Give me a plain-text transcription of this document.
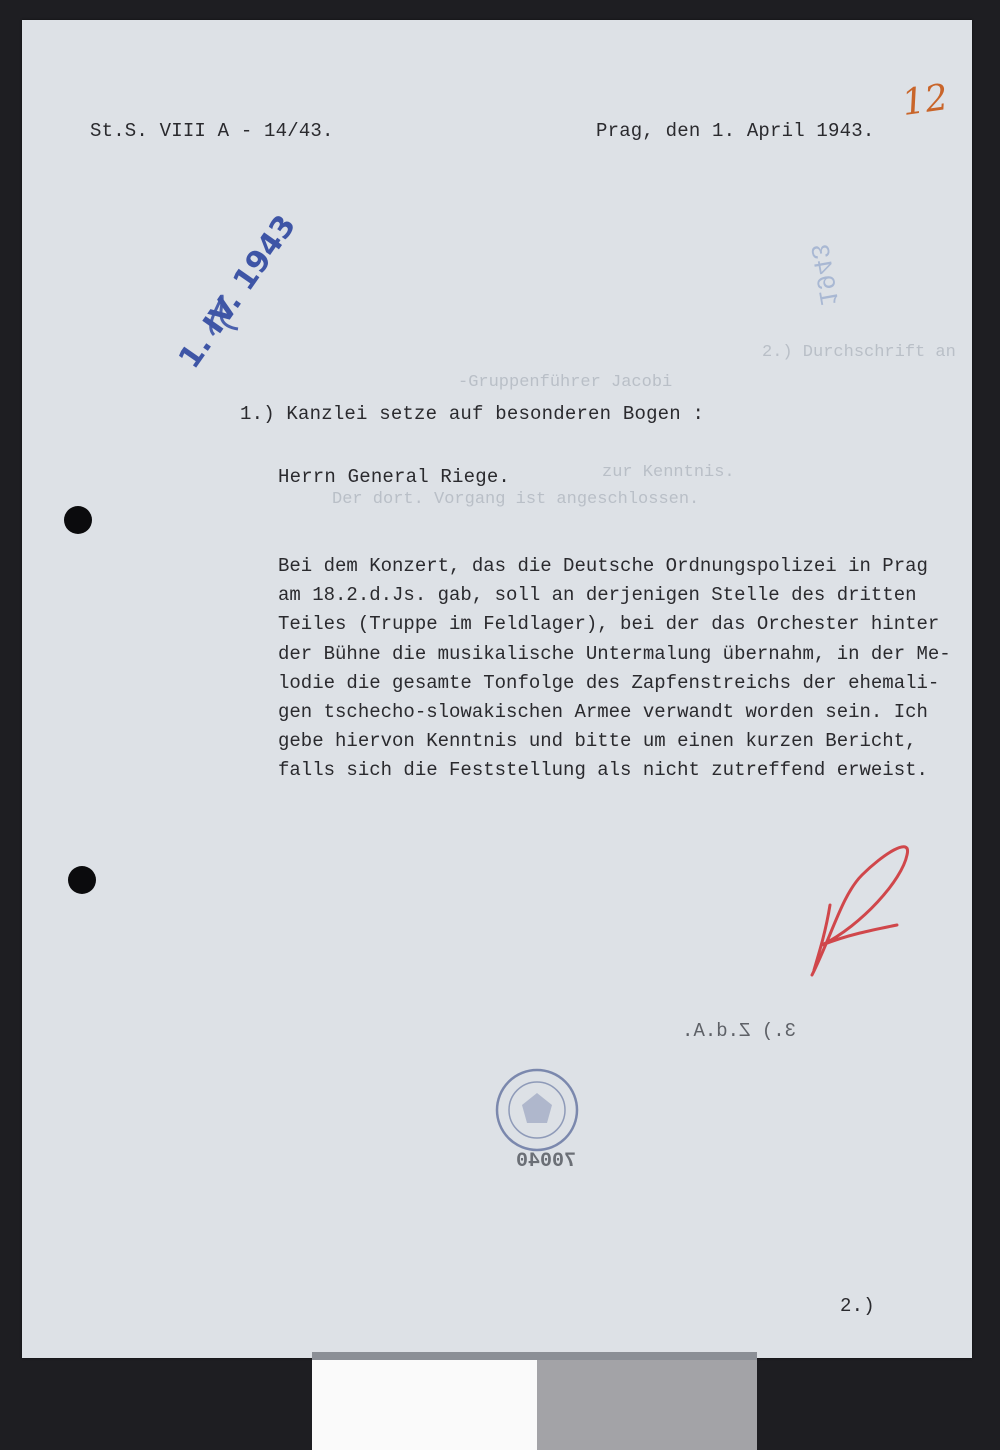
St.S. VIII A - 14/43.	Prag, den 1. April 1943.
12
2.) Durchschrift an
-Gruppenführer Jacobi
zur Kenntnis.
Der dort. Vorgang ist angeschlossen.
3.) Z.d.A.
70040
1943
1. IV. 1943
1.) Kanzlei setze auf besonderen Bogen :
Herrn General Riege.
Bei dem Konzert, das die Deutsche Ordnungspolizei in Prag
am 18.2.d.Js. gab, soll an derjenigen Stelle des dritten
Teiles (Truppe im Feldlager), bei der das Orchester hinter
der Bühne die musikalische Untermalung übernahm, in der Me-
lodie die gesamte Tonfolge des Zapfenstreichs der ehemali-
gen tschecho-slowakischen Armee verwandt worden sein. Ich
gebe hiervon Kenntnis und bitte um einen kurzen Bericht,
falls sich die Feststellung als nicht zutreffend erweist.
2.)
